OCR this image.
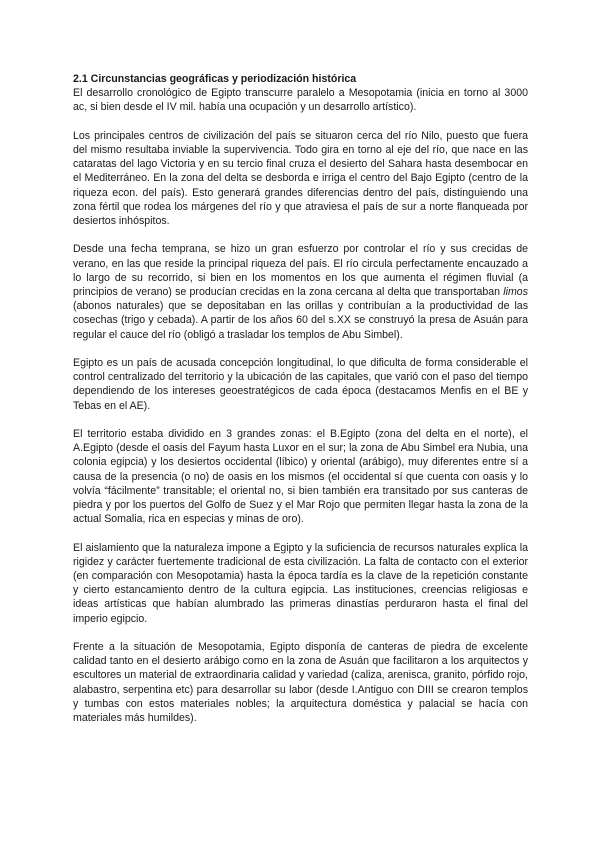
2.1 Circunstancias geográficas y periodización histórica
El desarrollo cronológico de Egipto transcurre paralelo a Mesopotamia (inicia en torno al 3000 ac, si bien desde el IV mil. había una ocupación y un desarrollo artístico).

Los principales centros de civilización del país se situaron cerca del río Nilo, puesto que fuera del mismo resultaba inviable la supervivencia. Todo gira en torno al eje del río, que nace en las cataratas del lago Victoria y en su tercio final cruza el desierto del Sahara hasta desembocar en el Mediterráneo. En la zona del delta se desborda e irriga el centro del Bajo Egipto (centro de la riqueza econ. del país). Esto generará grandes diferencias dentro del país, distinguiendo una zona fértil que rodea los márgenes del río y que atraviesa el país de sur a norte flanqueada por desiertos inhóspitos.

Desde una fecha temprana, se hizo un gran esfuerzo por controlar el río y sus crecidas de verano, en las que reside la principal riqueza del país. El río circula perfectamente encauzado a lo largo de su recorrido, si bien en los momentos en los que aumenta el régimen fluvial (a principios de verano) se producían crecidas en la zona cercana al delta que transportaban limos (abonos naturales) que se depositaban en las orillas y contribuían a la productividad de las cosechas (trigo y cebada). A partir de los años 60 del s.XX se construyó la presa de Asuán para regular el cauce del río (obligó a trasladar los templos de Abu Simbel).

Egipto es un país de acusada concepción longitudinal, lo que dificulta de forma considerable el control centralizado del territorio y la ubicación de las capitales, que varió con el paso del tiempo dependiendo de los intereses geoestratégicos de cada época (destacamos Menfis en el BE y Tebas en el AE).

El territorio estaba dividido en 3 grandes zonas: el B.Egipto (zona del delta en el norte), el A.Egipto (desde el oasis del Fayum hasta Luxor en el sur; la zona de Abu Simbel era Nubia, una colonia egipcia) y los desiertos occidental (líbico) y oriental (arábigo), muy diferentes entre sí a causa de la presencia (o no) de oasis en los mismos (el occidental sí que cuenta con oasis y lo volvía “fácilmente” transitable; el oriental no, si bien también era transitado por sus canteras de piedra y por los puertos del Golfo de Suez y el Mar Rojo que permiten llegar hasta la zona de la actual Somalia, rica en especias y minas de oro).

El aislamiento que la naturaleza impone a Egipto y la suficiencia de recursos naturales explica la rigidez y carácter fuertemente tradicional de esta civilización. La falta de contacto con el exterior (en comparación con Mesopotamia) hasta la época tardía es la clave de la repetición constante y cierto estancamiento dentro de la cultura egipcia. Las instituciones, creencias religiosas e ideas artísticas que habían alumbrado las primeras dinastías perduraron hasta el final del imperio egipcio.

Frente a la situación de Mesopotamia, Egipto disponía de canteras de piedra de excelente calidad tanto en el desierto arábigo como en la zona de Asuán que facilitaron a los arquitectos y escultores un material de extraordinaria calidad y variedad (caliza, arenisca, granito, pórfido rojo, alabastro, serpentina etc) para desarrollar su labor (desde I.Antiguo con DIII se crearon templos y tumbas con estos materiales nobles; la arquitectura doméstica y palacial se hacía con materiales más humildes).
